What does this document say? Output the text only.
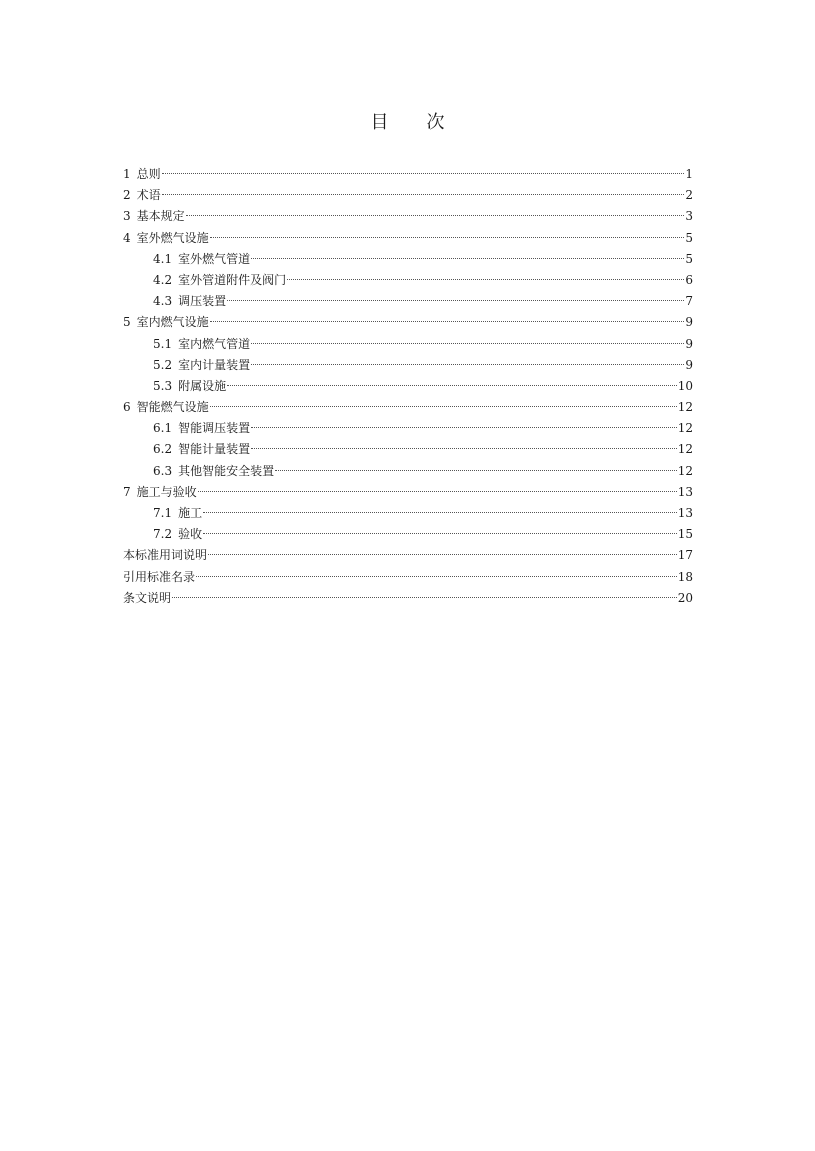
目 次
1 总则	1
2 术语	2
3 基本规定	3
4 室外燃气设施	5
4.1 室外燃气管道	5
4.2 室外管道附件及阀门	6
4.3 调压装置	7
5 室内燃气设施	9
5.1 室内燃气管道	9
5.2 室内计量装置	9
5.3 附属设施	10
6 智能燃气设施	12
6.1 智能调压装置	12
6.2 智能计量装置	12
6.3 其他智能安全装置	12
7 施工与验收	13
7.1 施工	13
7.2 验收	15
本标准用词说明	17
引用标准名录	18
条文说明	20
